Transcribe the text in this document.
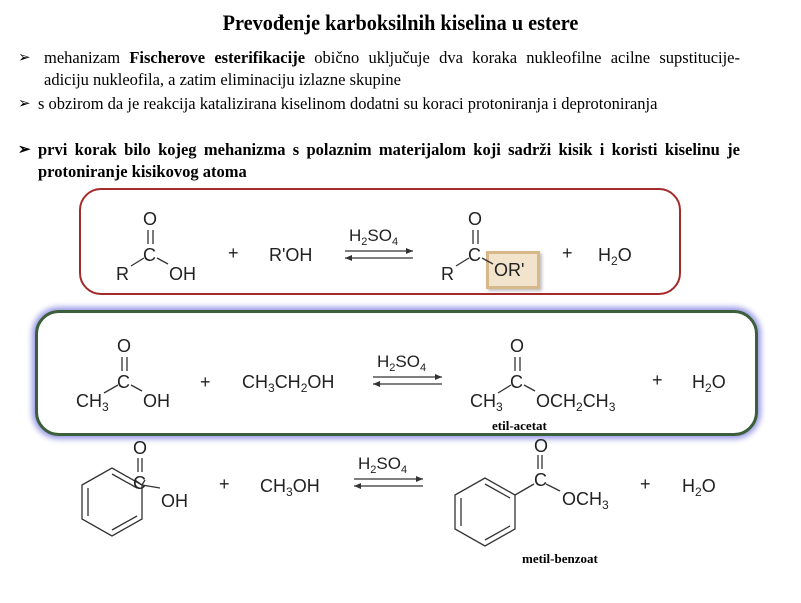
Prevođenje karboksilnih kiselina u estere
➢ mehanizam Fischerove esterifikacije obično uključuje dva koraka nukleofilne acilne supstitucije- adiciju nukleofila, a zatim eliminaciju izlazne skupine
➢ s obzirom da je reakcija katalizirana kiselinom dodatni su koraci protoniranja i deprotoniranja
➢ prvi korak bilo kojeg mehanizma s polaznim materijalom koji sadrži kisik i koristi kiselinu je protoniranje kisikovog atoma
O
C
R OH
+ R'OH
$H_2SO_4$
O
C
R OR'
+ $H_2O$
O
C
$CH_3$ OH
+ $CH_3CH_2OH$
$H_2SO_4$
O
C
$CH_3$ $OCH_2CH_3$
etil-acetat
+ $H_2O$
O
C
OH
+ $CH_3OH$
$H_2SO_4$
O
C
$OCH_3$
metil-benzoat
+ $H_2O$
